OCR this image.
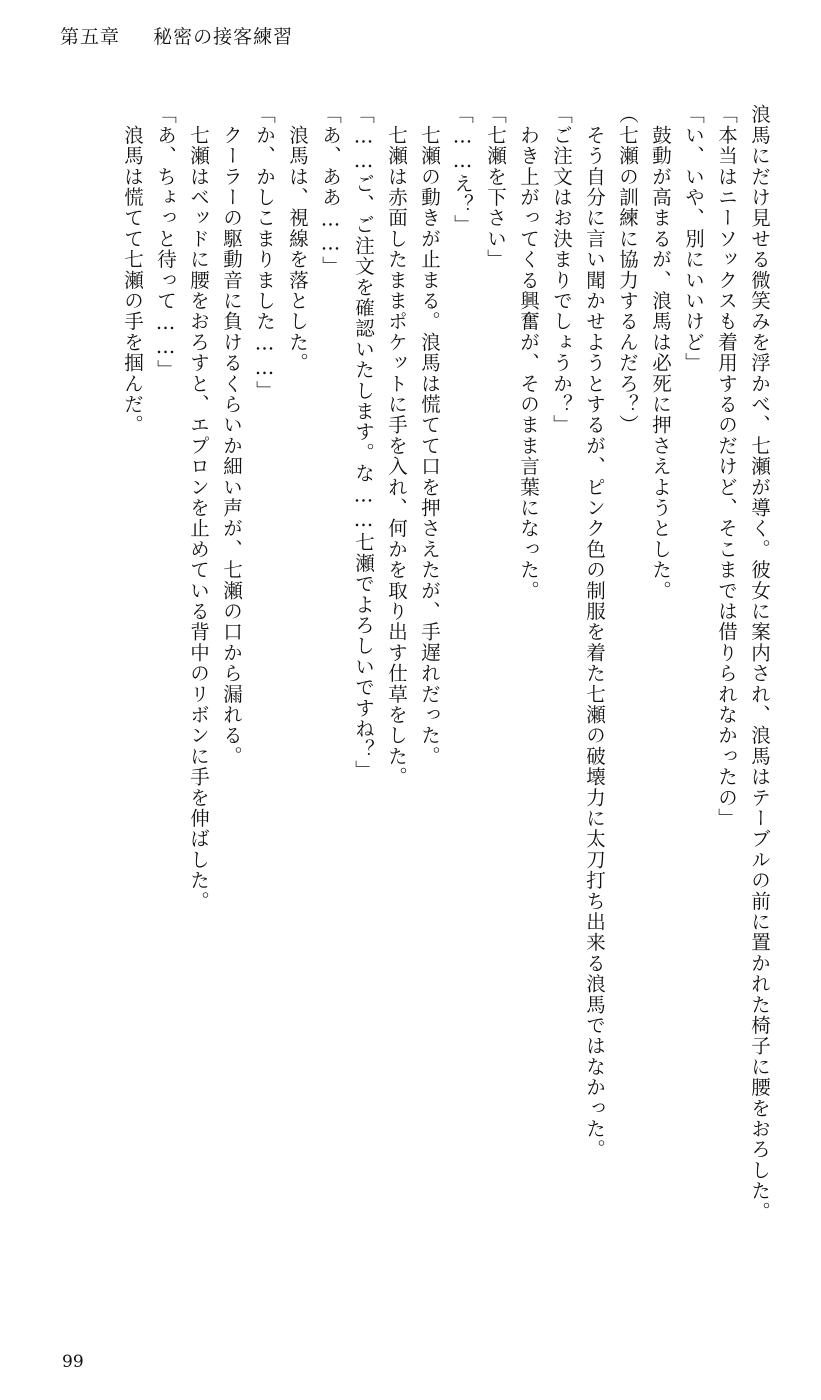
第五章 秘密の接客練習
浪馬にだけ見せる微笑みを浮かべ、七瀬が導く。彼女に案内され、浪馬はテーブルの前に置かれた椅子に腰をおろした。
「本当はニーソックスも着用するのだけど、そこまでは借りられなかったの」
「い、いや、別にいいけど」
　鼓動が高まるが、浪馬は必死に押さえようとした。
（七瀬の訓練に協力するんだろ？）
　そう自分に言い聞かせようとするが、ピンク色の制服を着た七瀬の破壊力に太刀打ち出来る浪馬ではなかった。
「ご注文はお決まりでしょうか？」
　わき上がってくる興奮が、そのまま言葉になった。
「七瀬を下さい」
「……え？」
　七瀬の動きが止まる。浪馬は慌てて口を押さえたが、手遅れだった。
　七瀬は赤面したままポケットに手を入れ、何かを取り出す仕草をした。
「……ご、ご注文を確認いたします。な……七瀬でよろしいですね？」
「あ、ああ……」
　浪馬は、視線を落とした。
「か、かしこまりました……」
　クーラーの駆動音に負けるくらいか細い声が、七瀬の口から漏れる。
　七瀬はベッドに腰をおろすと、エプロンを止めている背中のリボンに手を伸ばした。
「あ、ちょっと待って……」
　浪馬は慌てて七瀬の手を掴んだ。
99
